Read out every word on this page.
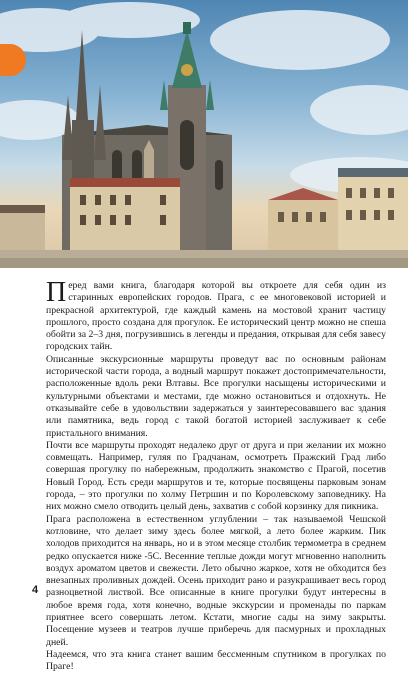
Перед вами книга, благодаря которой вы откроете для себя один из старинных европейских городов. Прага, с ее многовековой историей и прекрасной архитектурой, где каждый камень на мостовой хранит частицу прошлого, просто создана для прогулок. Ее исторический центр можно не спеша обойти за 2–3 дня, погрузившись в легенды и предания, открывая для себя завесу городских тайн.

Описанные экскурсионные маршруты проведут вас по основным районам исторической части города, а водный маршрут покажет достопримечательности, расположенные вдоль реки Влтавы. Все прогулки насыщены историческими и культурными объектами и местами, где можно остановиться и отдохнуть. Не отказывайте себе в удовольствии задержаться у заинтересовавшего вас здания или памятника, ведь город с такой богатой историей заслуживает к себе пристального внимания.

Почти все маршруты проходят недалеко друг от друга и при желании их можно совмещать. Например, гуляя по Градчанам, осмотреть Пражский Град либо совершая прогулку по набережным, продолжить знакомство с Прагой, посетив Новый Город. Есть среди маршрутов и те, которые посвящены парковым зонам города, – это прогулки по холму Петршин и по Королевскому заповеднику. На них можно смело отводить целый день, захватив с собой корзинку для пикника.

Прага расположена в естественном углублении – так называемой Чешской котловине, что делает зиму здесь более мягкой, а лето более жарким. Пик холодов приходится на январь, но и в этом месяце столбик термометра в среднем редко опускается ниже -5С. Весенние теплые дожди могут мгновенно наполнить воздух ароматом цветов и свежести. Лето обычно жаркое, хотя не обходится без внезапных проливных дождей. Осень приходит рано и разукрашивает весь город разноцветной листвой. Все описанные в книге прогулки будут интересны в любое время года, хотя конечно, водные экскурсии и променады по паркам приятнее всего совершать летом. Кстати, многие сады на зиму закрыты. Посещение музеев и театров лучше приберечь для пасмурных и прохладных дней.

Надеемся, что эта книга станет вашим бессменным спутником в прогулках по Праге!

4
